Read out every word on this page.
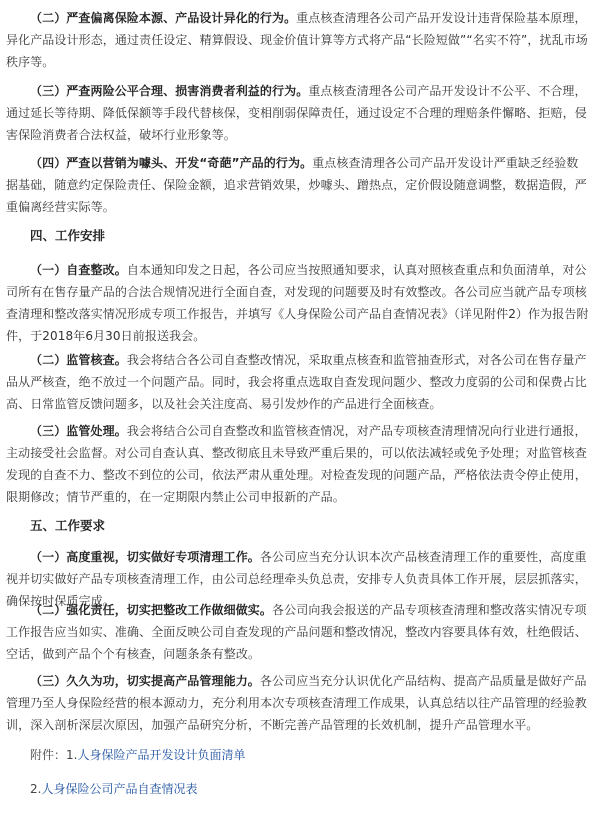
（二）严查偏离保险本源、产品设计异化的行为。重点核查清理各公司产品开发设计违背保险基本原理，异化产品设计形态，通过责任设定、精算假设、现金价值计算等方式将产品“长险短做”“名实不符”，扰乱市场秩序等。

（三）严查两险公平合理、损害消费者利益的行为。重点核查清理各公司产品开发设计不公平、不合理，通过延长等待期、降低保额等手段代替核保，变相削弱保障责任，通过设定不合理的理赔条件懈略、拒赔，侵害保险消费者合法权益，破坏行业形象等。

（四）严查以营销为噱头、开发“奇葩”产品的行为。重点核查清理各公司产品开发设计严重缺乏经验数据基础，随意约定保险责任、保险金额，追求营销效果，炒噱头、蹭热点，定价假设随意调整，数据造假，严重偏离经营实际等。

四、工作安排

（一）自查整改。自本通知印发之日起，各公司应当按照通知要求，认真对照核查重点和负面清单，对公司所有在售存量产品的合法合规情况进行全面自查，对发现的问题要及时有效整改。各公司应当就产品专项核查清理和整改落实情况形成专项工作报告，并填写《人身保险公司产品自查情况表》（详见附件2）作为报告附件，于2018年6月30日前报送我会。

（二）监管核查。我会将结合各公司自查整改情况，采取重点核查和监管抽查形式，对各公司在售存量产品从严核查，绝不放过一个问题产品。同时，我会将重点选取自查发现问题少、整改力度弱的公司和保费占比高、日常监管反馈问题多，以及社会关注度高、易引发炒作的产品进行全面核查。

（三）监管处理。我会将结合公司自查整改和监管核查情况，对产品专项核查清理情况向行业进行通报，主动接受社会监督。对公司自查认真、整改彻底且未导致严重后果的，可以依法减轻或免予处理；对监管核查发现的自查不力、整改不到位的公司，依法严肃从重处理。对检查发现的问题产品，严格依法责令停止使用，限期修改；情节严重的，在一定期限内禁止公司申报新的产品。

五、工作要求

（一）高度重视，切实做好专项清理工作。各公司应当充分认识本次产品核查清理工作的重要性，高度重视并切实做好产品专项核查清理工作，由公司总经理牵头负总责，安排专人负责具体工作开展，层层抓落实，确保按时保质完成。

（二）强化责任，切实把整改工作做细做实。各公司向我会报送的产品专项核查清理和整改落实情况专项工作报告应当如实、准确、全面反映公司自查发现的产品问题和整改情况，整改内容要具体有效，杜绝假话、空话，做到产品个个有核查，问题条条有整改。

（三）久久为功，切实提高产品管理能力。各公司应当充分认识优化产品结构、提高产品质量是做好产品管理乃至人身保险经营的根本源动力，充分利用本次专项核查清理工作成果，认真总结以往产品管理的经验教训，深入剖析深层次原因，加强产品研究分析，不断完善产品管理的长效机制，提升产品管理水平。

附件：1.人身保险产品开发设计负面清单

2.人身保险公司产品自查情况表
